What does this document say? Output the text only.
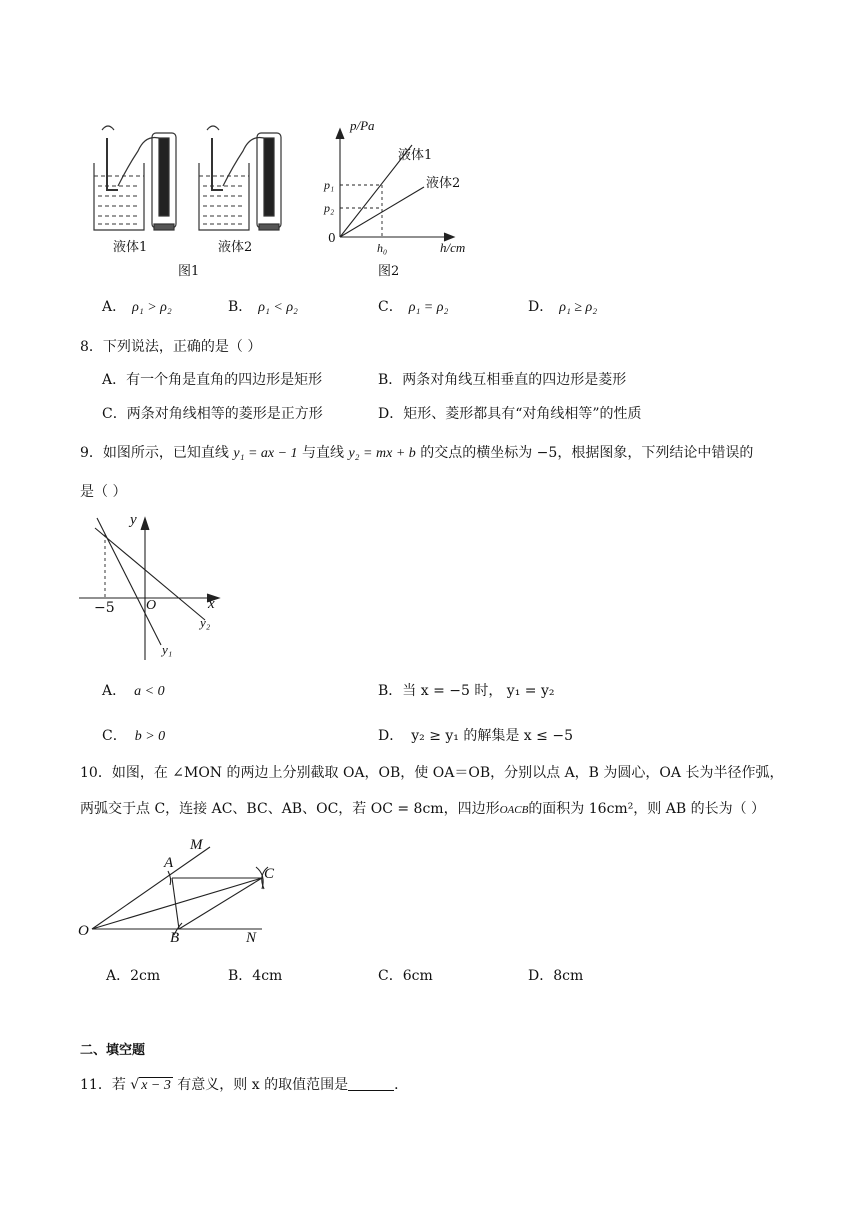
液体1	液体2
图1
p/Pa
液体1
液体2
p₁
p₂
0
h₀	h/cm
图2
A． ρ₁ > ρ₂	B． ρ₁ < ρ₂	C． ρ₁ = ρ₂	D． ρ₁ ≥ ρ₂
8．下列说法，正确的是（ ）
A．有一个角是直角的四边形是矩形	B．两条对角线互相垂直的四边形是菱形
C．两条对角线相等的菱形是正方形	D．矩形、菱形都具有“对角线相等”的性质
9．如图所示，已知直线 y₁ = ax − 1 与直线 y₂ = mx + b 的交点的横坐标为 −5，根据图象，下列结论中错误的
是（ ）
y
−5 O	x
y₂
y₁
A． a < 0	B．当 x = −5 时， y₁ = y₂
C． b > 0	D． y₂ ≥ y₁ 的解集是 x ≤ −5
10．如图，在 ∠MON 的两边上分别截取 OA，OB，使 OA＝OB，分别以点 A，B 为圆心，OA 长为半径作弧，
两弧交于点 C，连接 AC、BC、AB、OC，若 OC = 8cm，四边形OACB的面积为 16cm²，则 AB 的长为（ ）
M
A
C
O	B	N
A．2cm	B．4cm	C．6cm	D．8cm
二、填空题
11．若 √ x − 3 有意义，则 x 的取值范围是	．
